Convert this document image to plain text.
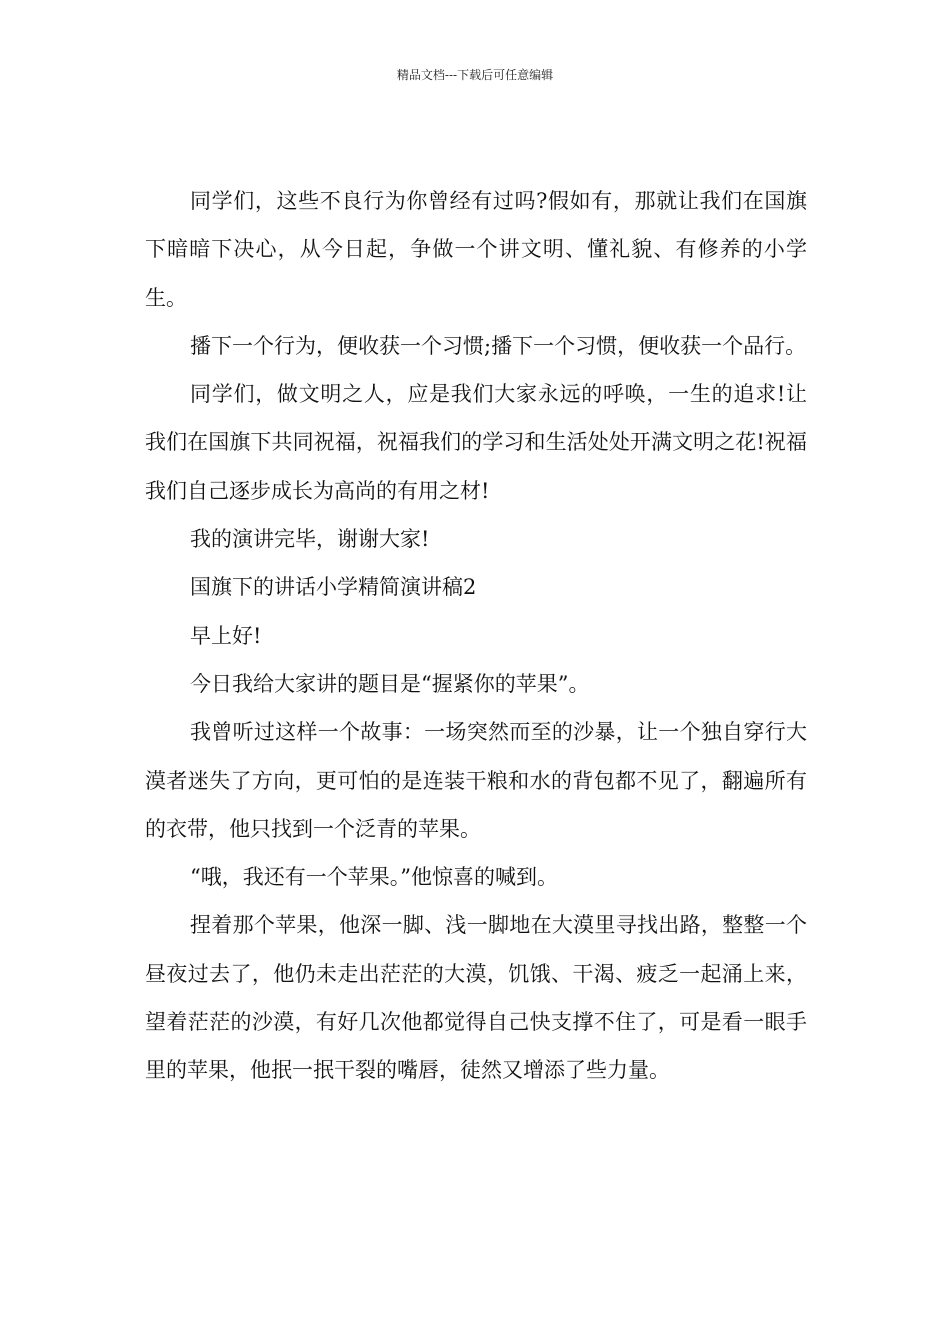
精品文档---下载后可任意编辑

同学们，这些不良行为你曾经有过吗?假如有，那就让我们在国旗下暗暗下决心，从今日起，争做一个讲文明、懂礼貌、有修养的小学生。

播下一个行为，便收获一个习惯;播下一个习惯，便收获一个品行。

同学们，做文明之人，应是我们大家永远的呼唤，一生的追求!让我们在国旗下共同祝福，祝福我们的学习和生活处处开满文明之花!祝福我们自己逐步成长为高尚的有用之材!

我的演讲完毕，谢谢大家!

国旗下的讲话小学精简演讲稿2

早上好!

今日我给大家讲的题目是“握紧你的苹果”。

我曾听过这样一个故事：一场突然而至的沙暴，让一个独自穿行大漠者迷失了方向，更可怕的是连装干粮和水的背包都不见了，翻遍所有的衣带，他只找到一个泛青的苹果。

“哦，我还有一个苹果。”他惊喜的喊到。

捏着那个苹果，他深一脚、浅一脚地在大漠里寻找出路，整整一个昼夜过去了，他仍未走出茫茫的大漠，饥饿、干渴、疲乏一起涌上来，望着茫茫的沙漠，有好几次他都觉得自己快支撑不住了，可是看一眼手里的苹果，他抿一抿干裂的嘴唇，徒然又增添了些力量。
